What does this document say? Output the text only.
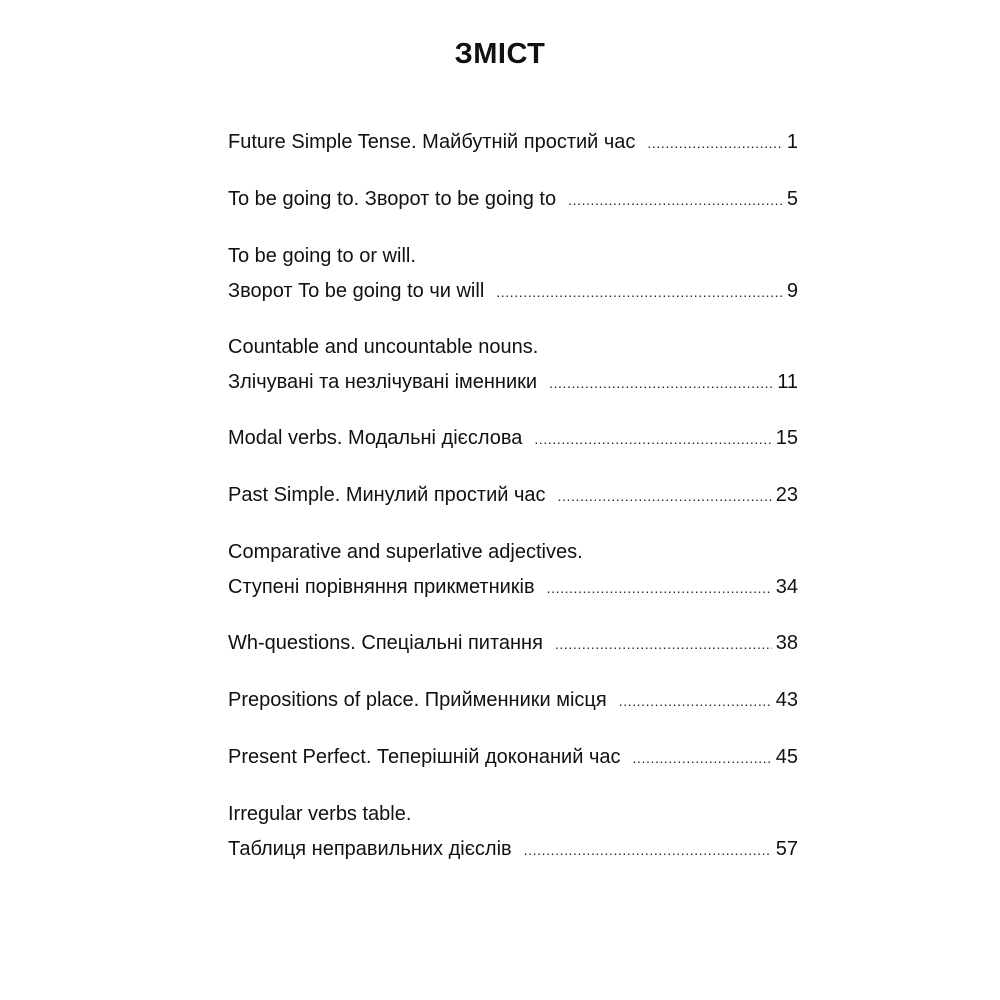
ЗМІСТ
Future Simple Tense. Майбутній простий час .....	1
To be going to. Зворот to be going to .....	5
To be going to or will.
Зворот To be going to чи will .....	9
Countable and uncountable nouns.
Злічувані та незлічувані іменники .....	11
Modal verbs. Модальні дієслова .....	15
Past Simple. Минулий простий час .....	23
Comparative and superlative adjectives.
Ступені порівняння прикметників .....	34
Wh-questions. Спеціальні питання .....	38
Prepositions of place. Прийменники місця .....	43
Present Perfect. Теперішній доконаний час .....	45
Irregular verbs table.
Таблиця неправильних дієслів .....	57
